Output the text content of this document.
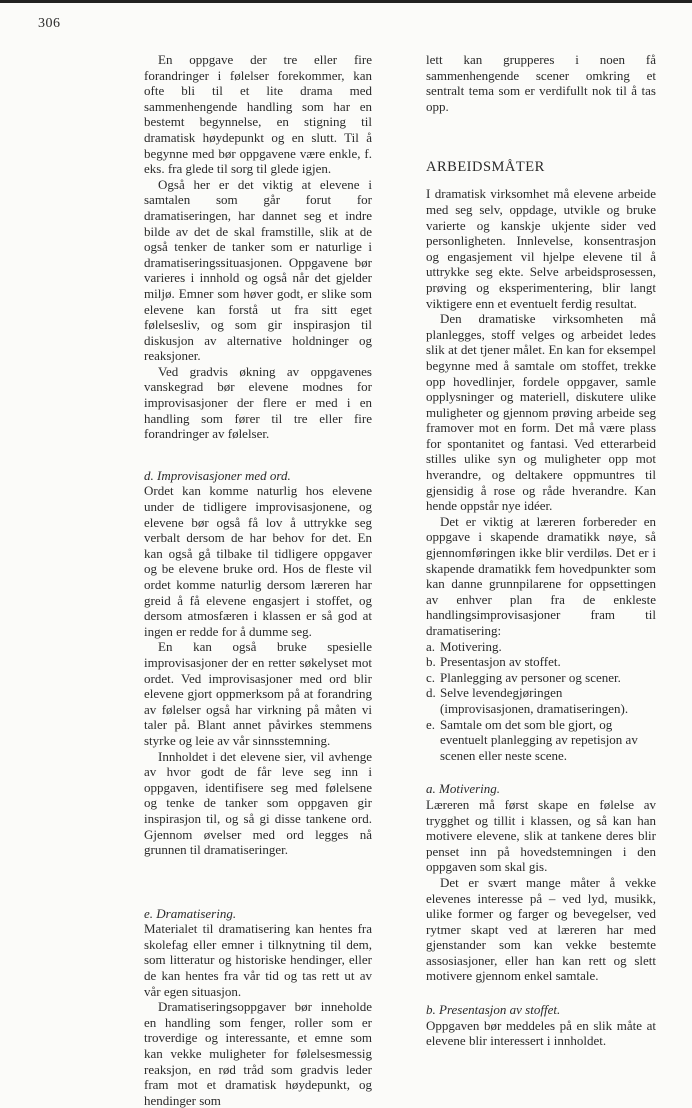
306

En oppgave der tre eller fire forandringer i følelser forekommer, kan ofte bli til et lite drama med sammenhengende handling som har en bestemt begynnelse, en stigning til dramatisk høydepunkt og en slutt. Til å begynne med bør oppgavene være enkle, f. eks. fra glede til sorg til glede igjen.

Også her er det viktig at elevene i samtalen som går forut for dramatiseringen, har dannet seg et indre bilde av det de skal framstille, slik at de også tenker de tanker som er naturlige i dramatiseringssituasjonen. Oppgavene bør varieres i innhold og også når det gjelder miljø. Emner som høver godt, er slike som elevene kan forstå ut fra sitt eget følelsesliv, og som gir inspirasjon til diskusjon av alternative holdninger og reaksjoner.

Ved gradvis økning av oppgavenes vanskegrad bør elevene modnes for improvisasjoner der flere er med i en handling som fører til tre eller fire forandringer av følelser.

d. Improvisasjoner med ord.

Ordet kan komme naturlig hos elevene under de tidligere improvisasjonene, og elevene bør også få lov å uttrykke seg verbalt dersom de har behov for det. En kan også gå tilbake til tidligere oppgaver og be elevene bruke ord. Hos de fleste vil ordet komme naturlig dersom læreren har greid å få elevene engasjert i stoffet, og dersom atmosfæren i klassen er så god at ingen er redde for å dumme seg.

En kan også bruke spesielle improvisasjoner der en retter søkelyset mot ordet. Ved improvisasjoner med ord blir elevene gjort oppmerksom på at forandring av følelser også har virkning på måten vi taler på. Blant annet påvirkes stemmens styrke og leie av vår sinnsstemning.

Innholdet i det elevene sier, vil avhenge av hvor godt de får leve seg inn i oppgaven, identifisere seg med følelsene og tenke de tanker som oppgaven gir inspirasjon til, og så gi disse tankene ord. Gjennom øvelser med ord legges nå grunnen til dramatiseringer.

e. Dramatisering.

Materialet til dramatisering kan hentes fra skolefag eller emner i tilknytning til dem, som litteratur og historiske hendinger, eller de kan hentes fra vår tid og tas rett ut av vår egen situasjon.

Dramatiseringsoppgaver bør inneholde en handling som fenger, roller som er troverdige og interessante, et emne som kan vekke muligheter for følelsesmessig reaksjon, en rød tråd som gradvis leder fram mot et dramatisk høydepunkt, og hendinger som

lett kan grupperes i noen få sammenhengende scener omkring et sentralt tema som er verdifullt nok til å tas opp.

ARBEIDSMÅTER

I dramatisk virksomhet må elevene arbeide med seg selv, oppdage, utvikle og bruke varierte og kanskje ukjente sider ved personligheten. Innlevelse, konsentrasjon og engasjement vil hjelpe elevene til å uttrykke seg ekte. Selve arbeidsprosessen, prøving og eksperimentering, blir langt viktigere enn et eventuelt ferdig resultat.

Den dramatiske virksomheten må planlegges, stoff velges og arbeidet ledes slik at det tjener målet. En kan for eksempel begynne med å samtale om stoffet, trekke opp hovedlinjer, fordele oppgaver, samle opplysninger og materiell, diskutere ulike muligheter og gjennom prøving arbeide seg framover mot en form. Det må være plass for spontanitet og fantasi. Ved etterarbeid stilles ulike syn og muligheter opp mot hverandre, og deltakere oppmuntres til gjensidig å rose og råde hverandre. Kan hende oppstår nye idéer.

Det er viktig at læreren forbereder en oppgave i skapende dramatikk nøye, så gjennomføringen ikke blir verdiløs. Det er i skapende dramatikk fem hovedpunkter som kan danne grunnpilarene for oppsettingen av enhver plan fra de enkleste handlingsimprovisasjoner fram til dramatisering:

a. Motivering.
b. Presentasjon av stoffet.
c. Planlegging av personer og scener.
d. Selve levendegjøringen (improvisasjonen, dramatiseringen).
e. Samtale om det som ble gjort, og eventuelt planlegging av repetisjon av scenen eller neste scene.
a. Motivering.

Læreren må først skape en følelse av trygghet og tillit i klassen, og så kan han motivere elevene, slik at tankene deres blir penset inn på hovedstemningen i den oppgaven som skal gis.

Det er svært mange måter å vekke elevenes interesse på – ved lyd, musikk, ulike former og farger og bevegelser, ved rytmer skapt ved at læreren har med gjenstander som kan vekke bestemte assosiasjoner, eller han kan rett og slett motivere gjennom enkel samtale.

b. Presentasjon av stoffet.

Oppgaven bør meddeles på en slik måte at elevene blir interessert i innholdet.
